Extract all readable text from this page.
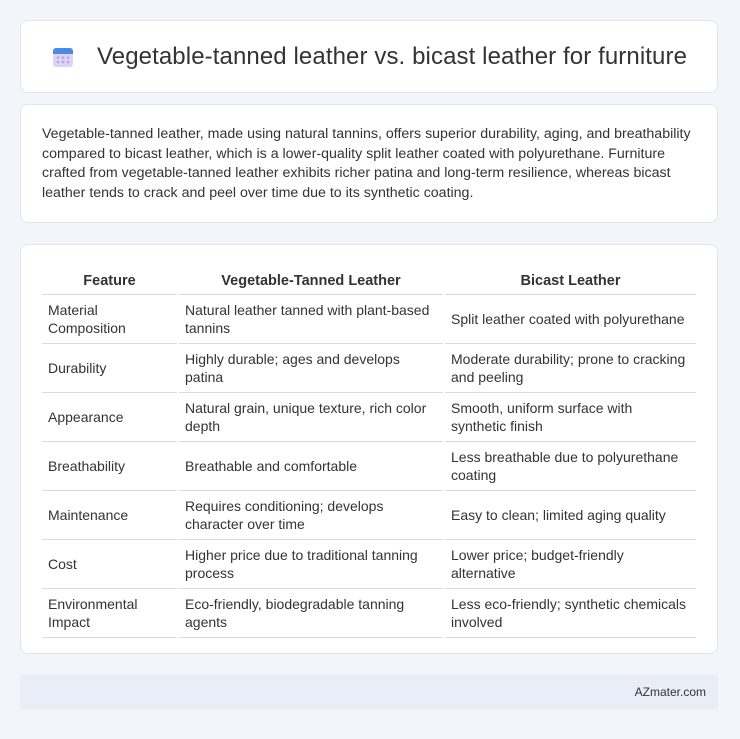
Vegetable-tanned leather vs. bicast leather for furniture

Vegetable-tanned leather, made using natural tannins, offers superior durability, aging, and breathability compared to bicast leather, which is a lower-quality split leather coated with polyurethane. Furniture crafted from vegetable-tanned leather exhibits richer patina and long-term resilience, whereas bicast leather tends to crack and peel over time due to its synthetic coating.

Feature	Vegetable-Tanned Leather	Bicast Leather
Material Composition	Natural leather tanned with plant-based tannins	Split leather coated with polyurethane
Durability	Highly durable; ages and develops patina	Moderate durability; prone to cracking and peeling
Appearance	Natural grain, unique texture, rich color depth	Smooth, uniform surface with synthetic finish
Breathability	Breathable and comfortable	Less breathable due to polyurethane coating
Maintenance	Requires conditioning; develops character over time	Easy to clean; limited aging quality
Cost	Higher price due to traditional tanning process	Lower price; budget-friendly alternative
Environmental Impact	Eco-friendly, biodegradable tanning agents	Less eco-friendly; synthetic chemicals involved
AZmater.com
